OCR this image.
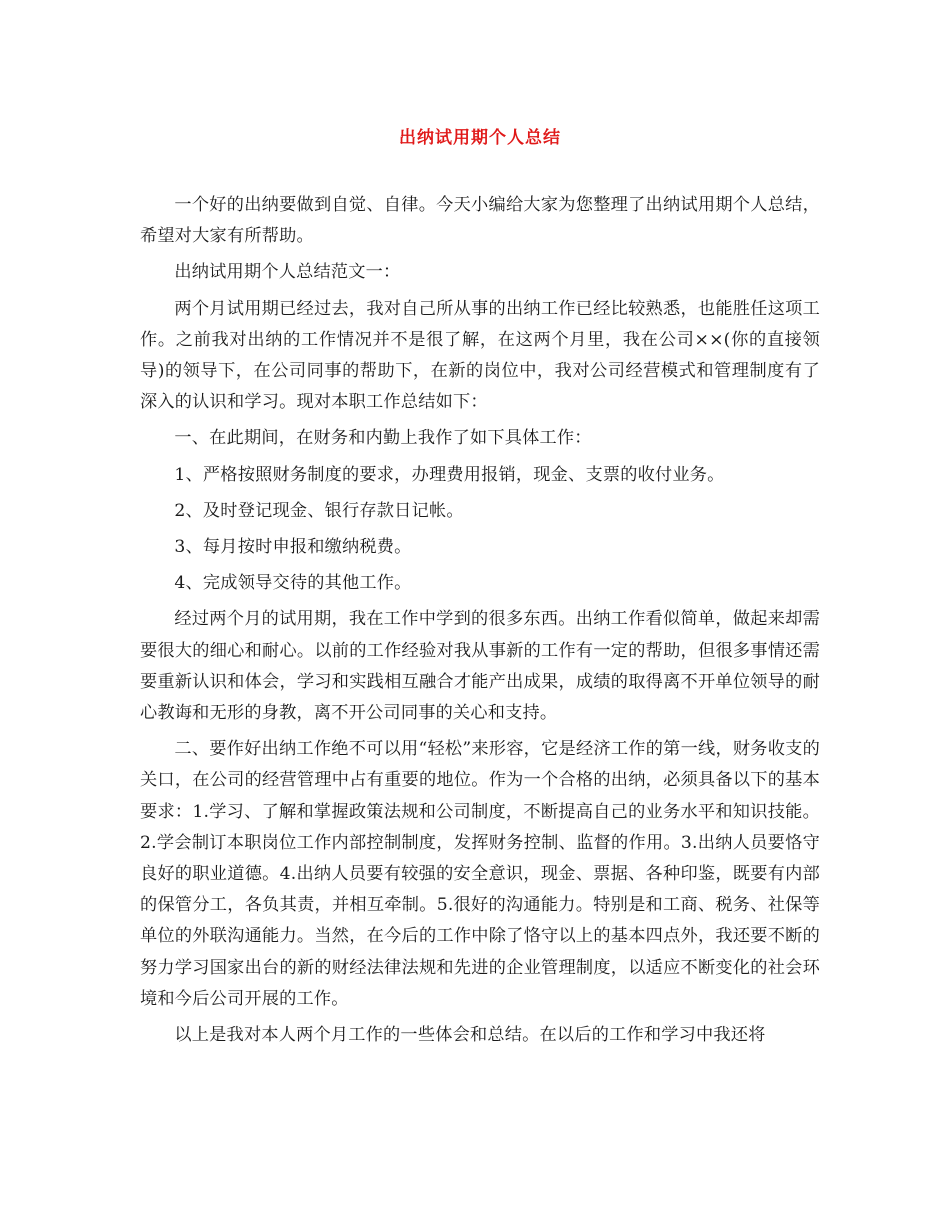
出纳试用期个人总结

一个好的出纳要做到自觉、自律。今天小编给大家为您整理了出纳试用期个人总结，希望对大家有所帮助。

出纳试用期个人总结范文一：

两个月试用期已经过去，我对自己所从事的出纳工作已经比较熟悉，也能胜任这项工作。之前我对出纳的工作情况并不是很了解，在这两个月里，我在公司××(你的直接领导)的领导下，在公司同事的帮助下，在新的岗位中，我对公司经营模式和管理制度有了深入的认识和学习。现对本职工作总结如下：

一、在此期间，在财务和内勤上我作了如下具体工作：

1、严格按照财务制度的要求，办理费用报销，现金、支票的收付业务。

2、及时登记现金、银行存款日记帐。

3、每月按时申报和缴纳税费。

4、完成领导交待的其他工作。

经过两个月的试用期，我在工作中学到的很多东西。出纳工作看似简单，做起来却需要很大的细心和耐心。以前的工作经验对我从事新的工作有一定的帮助，但很多事情还需要重新认识和体会，学习和实践相互融合才能产出成果，成绩的取得离不开单位领导的耐心教诲和无形的身教，离不开公司同事的关心和支持。

二、要作好出纳工作绝不可以用“轻松”来形容，它是经济工作的第一线，财务收支的关口，在公司的经营管理中占有重要的地位。作为一个合格的出纳，必须具备以下的基本要求：1.学习、了解和掌握政策法规和公司制度，不断提高自己的业务水平和知识技能。2.学会制订本职岗位工作内部控制制度，发挥财务控制、监督的作用。3.出纳人员要恪守良好的职业道德。4.出纳人员要有较强的安全意识，现金、票据、各种印鉴，既要有内部的保管分工，各负其责，并相互牵制。5.很好的沟通能力。特别是和工商、税务、社保等单位的外联沟通能力。当然，在今后的工作中除了恪守以上的基本四点外，我还要不断的努力学习国家出台的新的财经法律法规和先进的企业管理制度，以适应不断变化的社会环境和今后公司开展的工作。

以上是我对本人两个月工作的一些体会和总结。在以后的工作和学习中我还将
